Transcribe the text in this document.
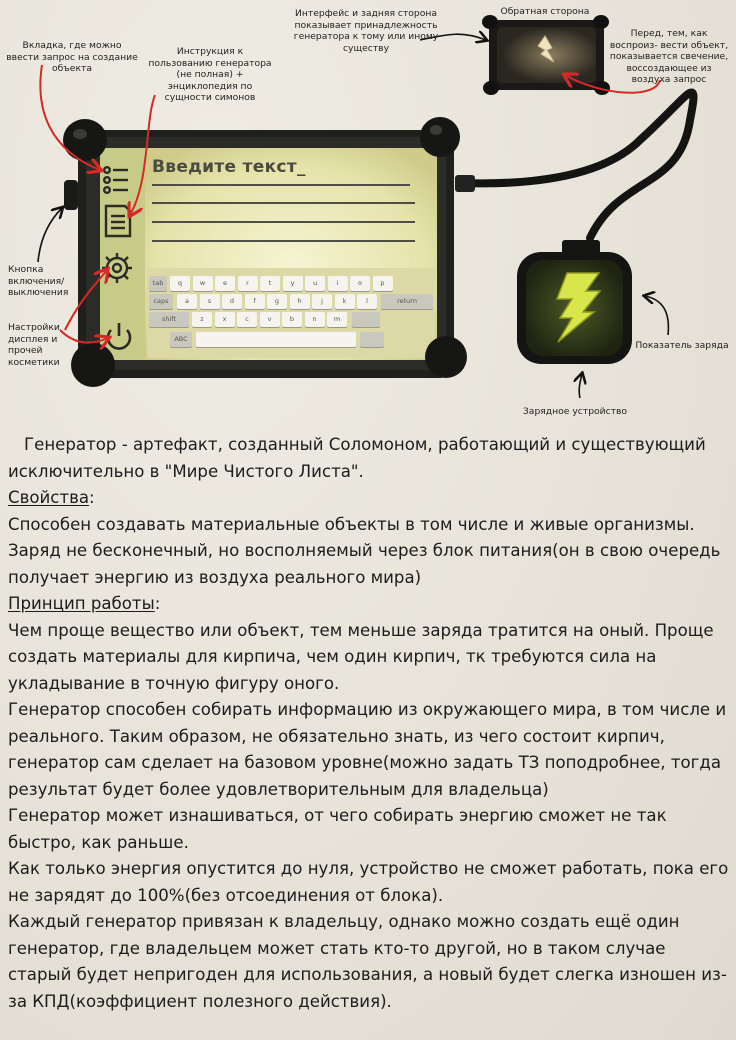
Введите текст_
tab	q	w	e	r	t	y	u	i	o	p
caps	a	s	d	f	g	h	j	k	l	return
shift	z	x	c	v	b	n	m
ABC
Вкладка, где можно ввести запрос на создание объекта
Инструкция к пользованию генератора (не полная) + энциклопедия по сущности симонов
Интерфейс и задняя сторона показывает принадлежность генератора к тому или иному существу
Обратная сторона
Перед, тем, как воспроиз- вести объект, показывается свечение, воссоздающее из воздуха запрос
Кнопка включения/ выключения
Настройки дисплея и прочей косметики
Показатель заряда
Зарядное устройство

Генератор - артефакт, созданный Соломоном, работающий и существующий исключительно в "Мире Чистого Листа".

Свойства:

Способен создавать материальные объекты в том числе и живые организмы.

Заряд не бесконечный, но восполняемый через блок питания(он в свою очередь получает энергию из воздуха реального мира)

Принцип работы:

Чем проще вещество или объект, тем меньше заряда тратится на оный. Проще создать материалы для кирпича, чем один кирпич, тк требуются сила на укладывание в точную фигуру оного.

Генератор способен собирать информацию из окружающего мира, в том числе и реального. Таким образом, не обязательно знать, из чего состоит кирпич, генератор сам сделает на базовом уровне(можно задать ТЗ поподробнее, тогда результат будет более удовлетворительным для владельца)

Генератор может изнашиваться, от чего собирать энергию сможет не так быстро, как раньше.

Как только энергия опустится до нуля, устройство не сможет работать, пока его не зарядят до 100%(без отсоединения от блока).

Каждый генератор привязан к владельцу, однако можно создать ещё один генератор, где владельцем может стать кто-то другой, но в таком случае старый будет непригоден для использования, а новый будет слегка изношен из-за КПД(коэффициент полезного действия).
